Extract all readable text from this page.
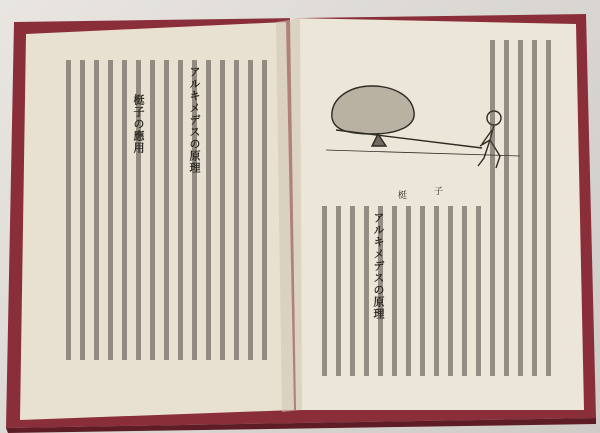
アルキメデスの原理
梃子の應用
梃	子
アルキメデスの原理
